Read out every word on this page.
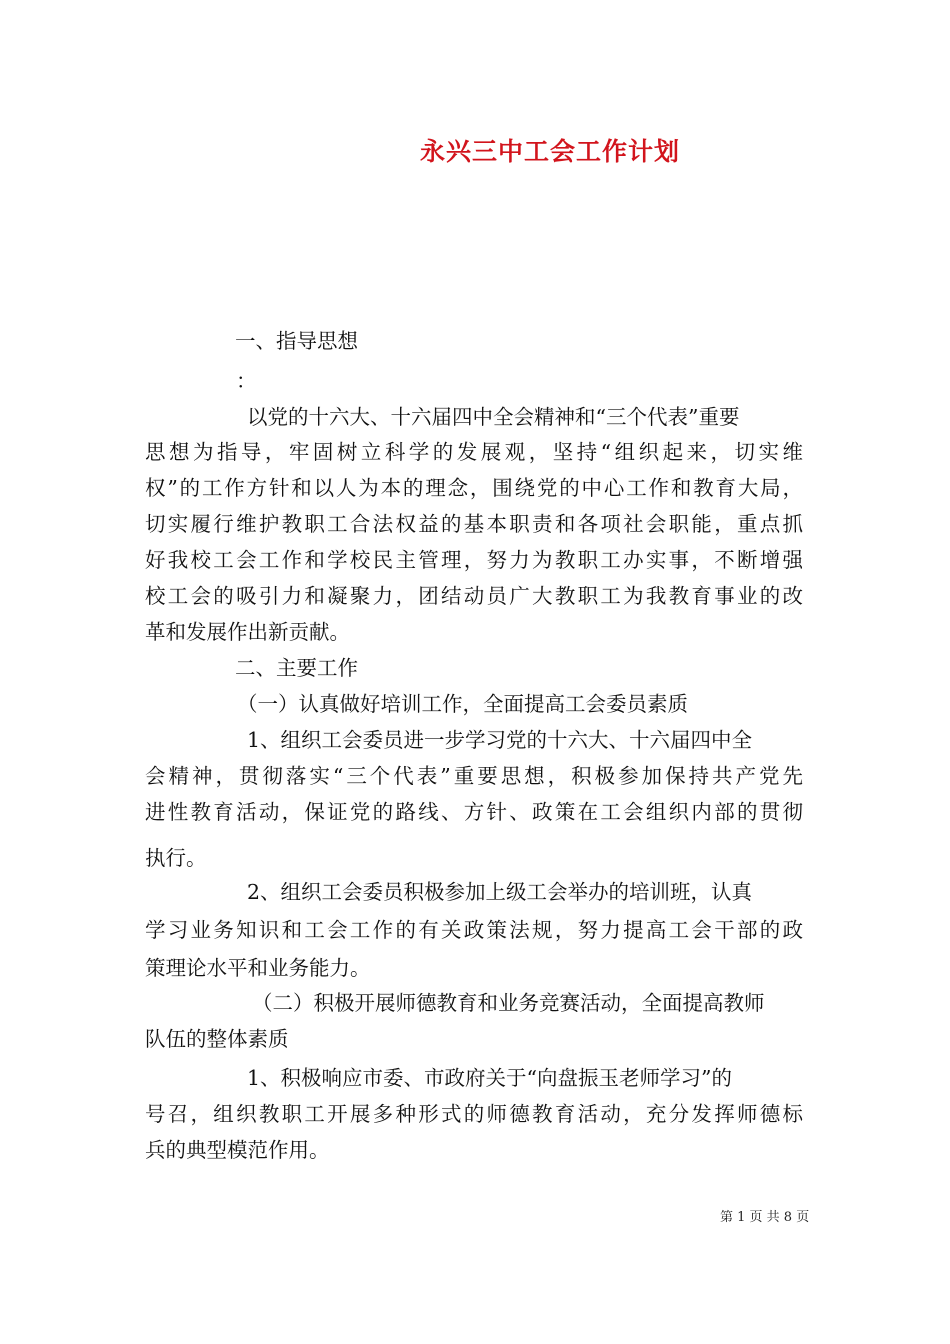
永兴三中工会工作计划
一、指导思想
：
以党的十六大、十六届四中全会精神和“三个代表”重要
思想为指导，牢固树立科学的发展观，坚持“组织起来，切实维
权”的工作方针和以人为本的理念，围绕党的中心工作和教育大局，
切实履行维护教职工合法权益的基本职责和各项社会职能，重点抓
好我校工会工作和学校民主管理，努力为教职工办实事，不断增强
校工会的吸引力和凝聚力，团结动员广大教职工为我教育事业的改
革和发展作出新贡献。
二、主要工作
（一）认真做好培训工作，全面提高工会委员素质
1、组织工会委员进一步学习党的十六大、十六届四中全
会精神，贯彻落实“三个代表”重要思想，积极参加保持共产党先
进性教育活动，保证党的路线、方针、政策在工会组织内部的贯彻
执行。
2、组织工会委员积极参加上级工会举办的培训班，认真
学习业务知识和工会工作的有关政策法规，努力提高工会干部的政
策理论水平和业务能力。
（二）积极开展师德教育和业务竞赛活动，全面提高教师
队伍的整体素质
1、积极响应市委、市政府关于“向盘振玉老师学习”的
号召，组织教职工开展多种形式的师德教育活动，充分发挥师德标
兵的典型模范作用。
第 1 页 共 8 页
